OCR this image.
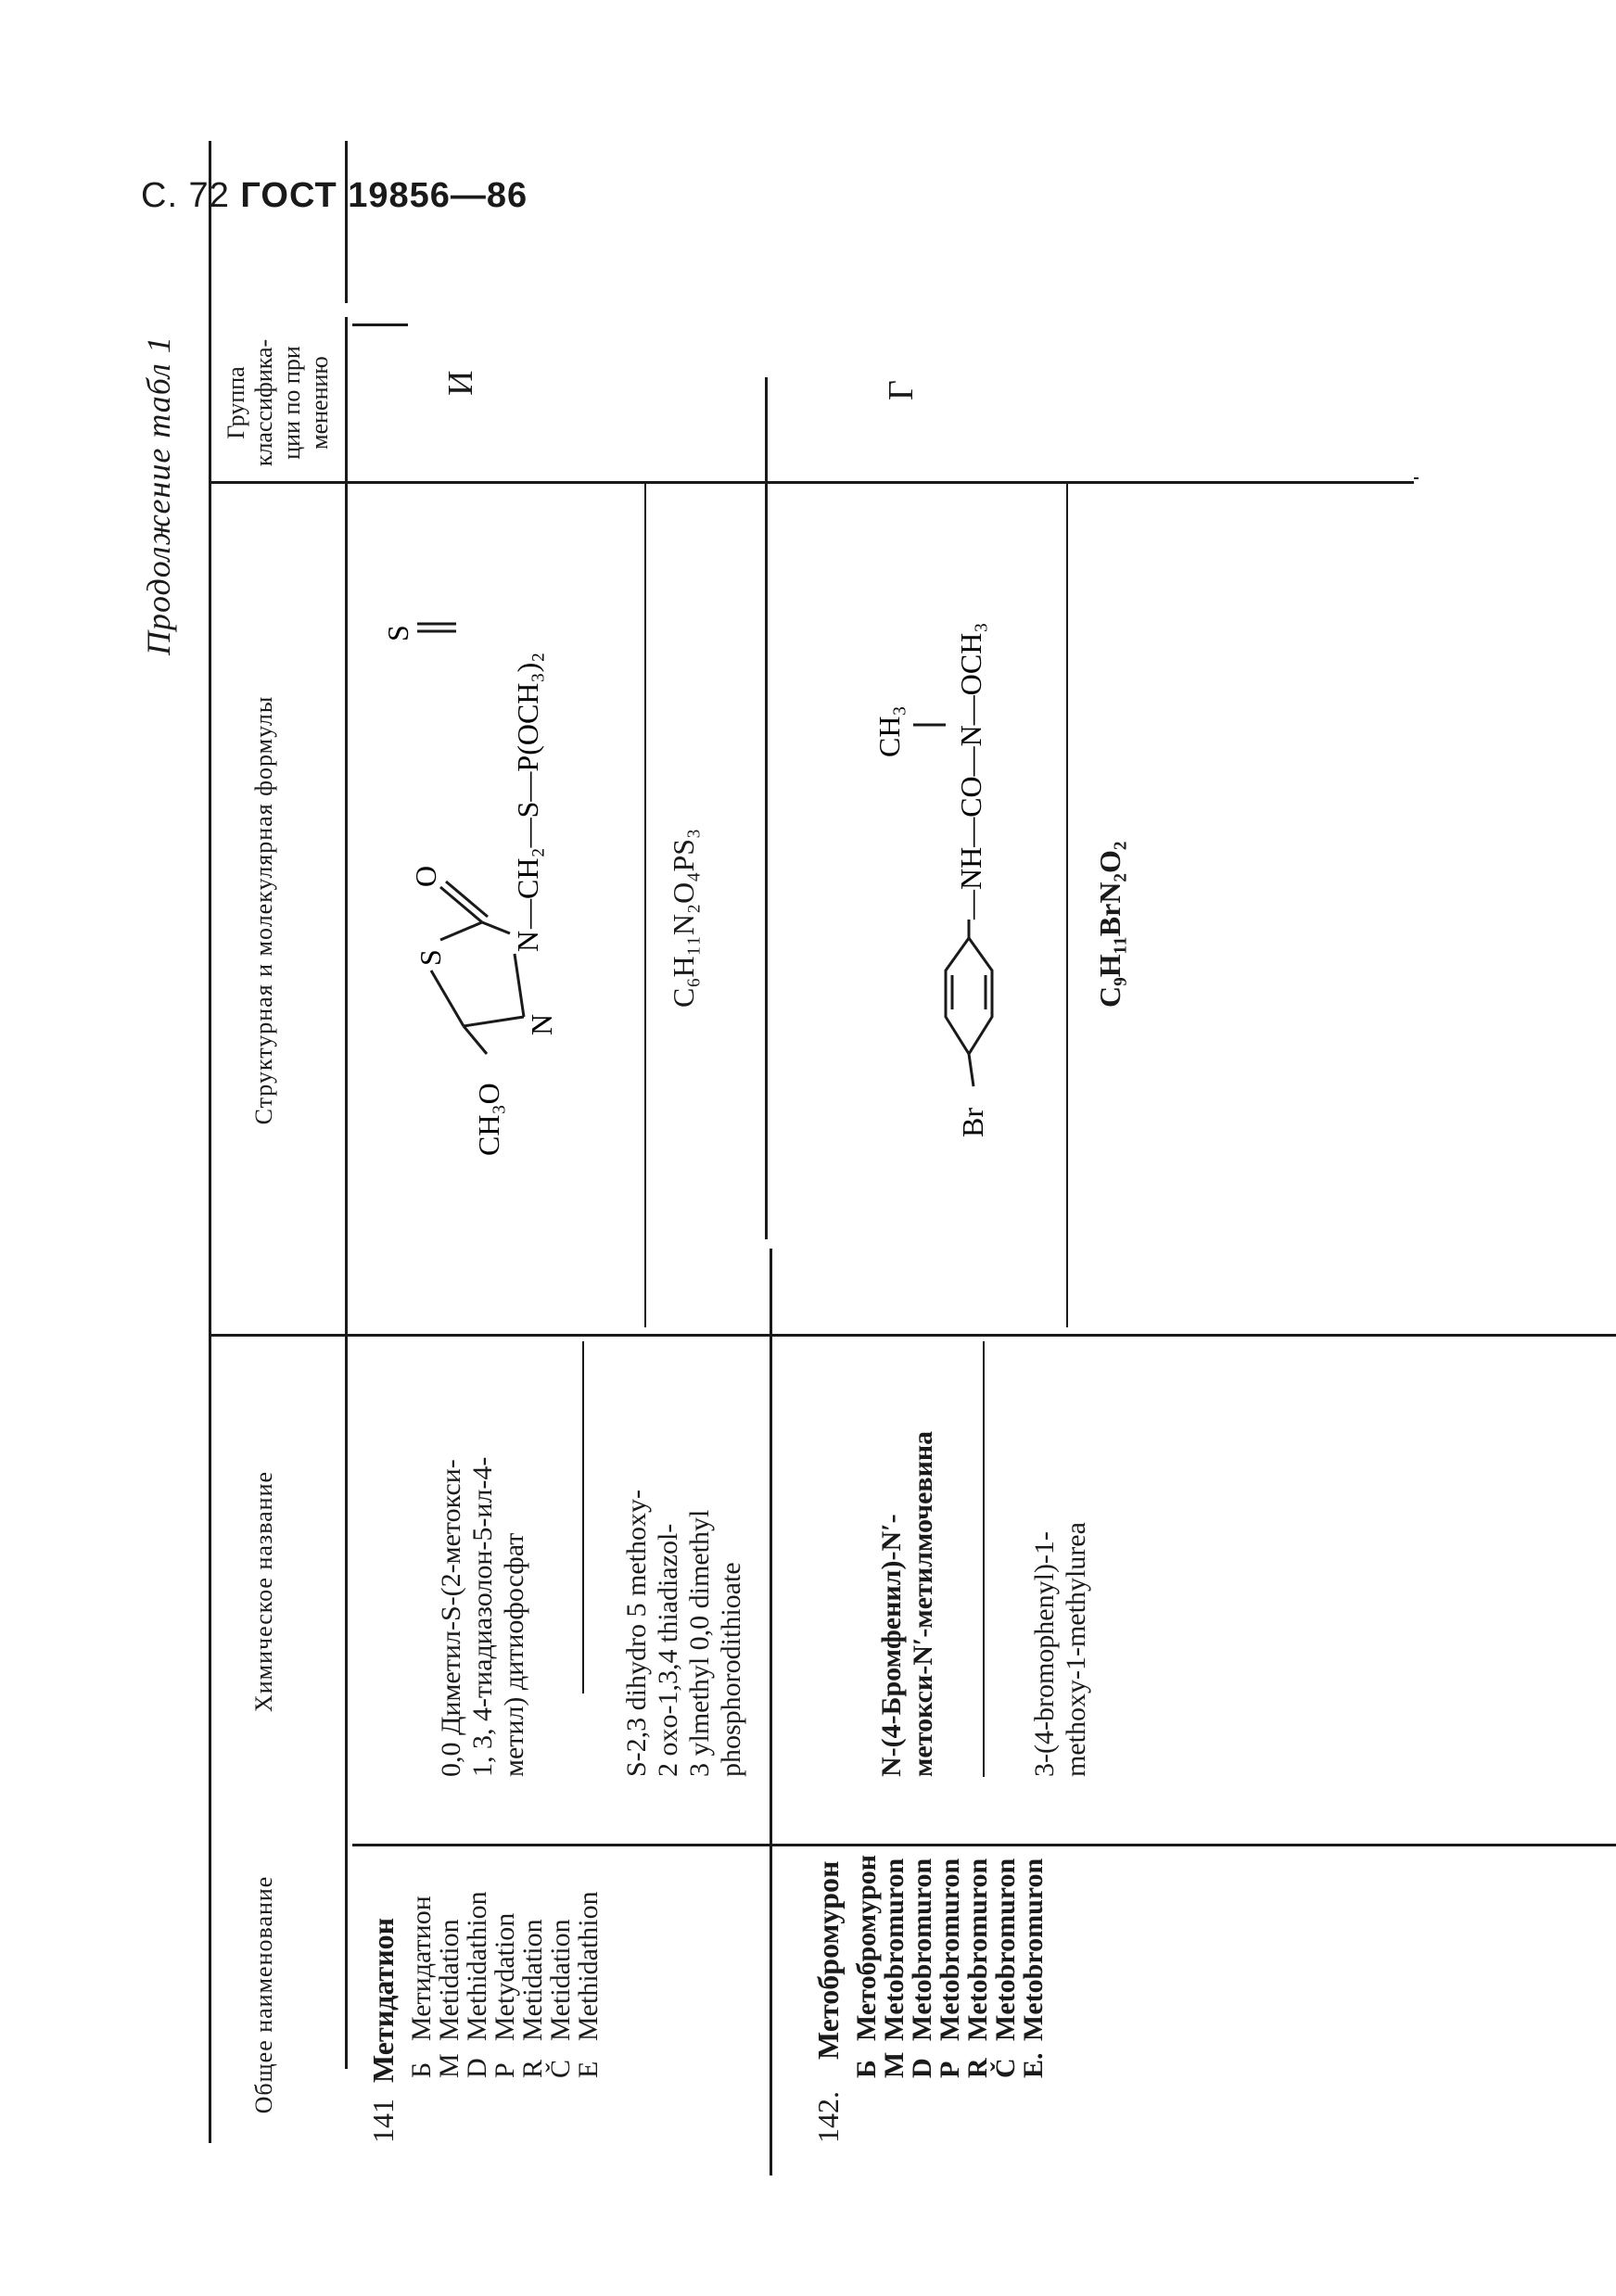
С. 72 ГОСТ 19856—86
Продолжение табл 1
Общее наименование
Химическое название
Структурная и молекулярная формулы
Группа классифика- ции по при менению
141
Метидатион БМетидатион
МMetidation
DMethidathion
PMetydation
RMetidation
ČMetidation
EMethidathion
0,0 Диметил-S-(2-метокси- 1, 3, 4-тиадиазолон-5-ил-4- метил) дитиофосфат	S-2,3 dihydro 5 methoxy- 2 oxo-1,3,4 thiadiazol- 3 ylmethyl 0,0 dimethyl phosphorodithioate
CH₃O
S
N
N
O —CH₂—S—P(OCH₃)₂
S
C₆H₁₁N₂O₄PS₃
И
142.
Метобромурон
БМетобромурон
МMetobromuron
DMetobromuron
PMetobromuron
RMetobromuron
ČMetobromuron
E.Metobromuron
N-(4-Бромфенил)-N′- метокси-N′-метилмочевина	3-(4-bromophenyl)-1- methoxy-1-methylurea
Br
—NH—CO—N—OCH₃
CH₃
C₉H₁₁BrN₂O₂
Г
